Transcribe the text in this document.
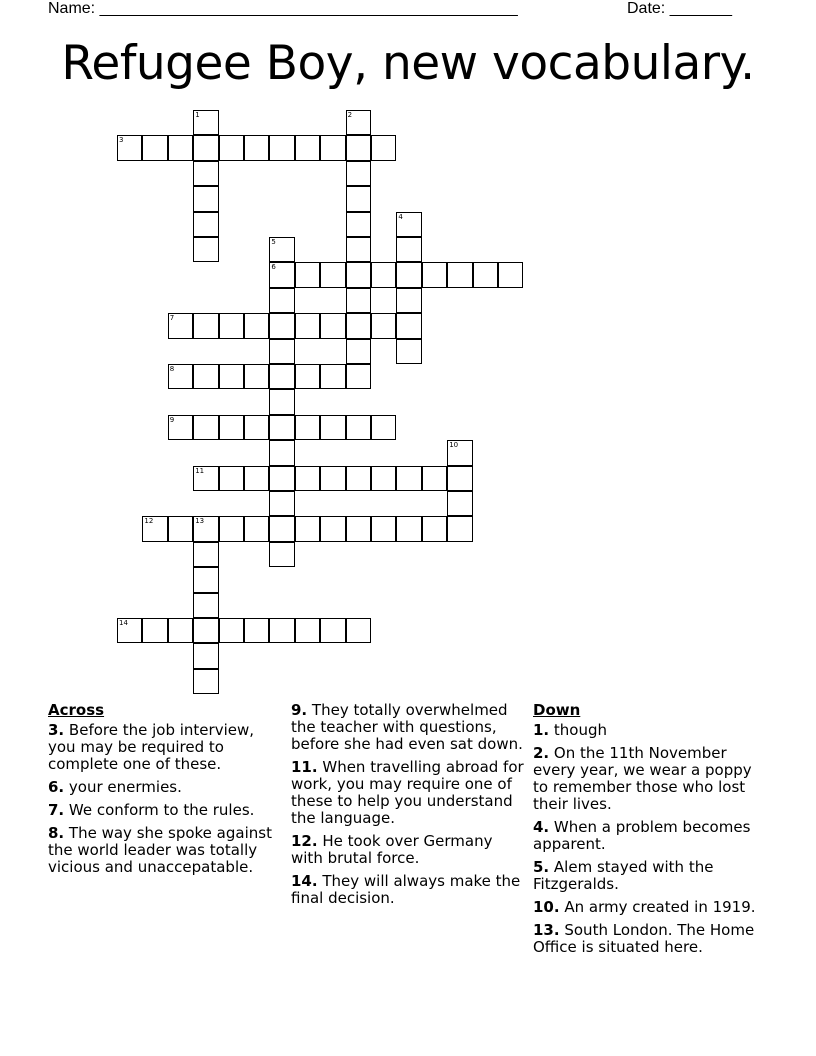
Name: _______________________________________________	Date: _______
Refugee Boy, new vocabulary.
3
6
7
8
9
11
12	13
14
1	2
4
5
10
Across
3. Before the job interview, you may be required to complete one of these.
6. your enermies.
7. We conform to the rules.
8. The way she spoke against the world leader was totally vicious and unaccepatable.
9. They totally overwhelmed the teacher with questions, before she had even sat down.
11. When travelling abroad for work, you may require one of these to help you understand the language.
12. He took over Germany with brutal force.
14. They will always make the final decision.
Down
1. though
2. On the 11th November every year, we wear a poppy to remember those who lost their lives.
4. When a problem becomes apparent.
5. Alem stayed with the Fitzgeralds.
10. An army created in 1919.
13. South London. The Home Office is situated here.
